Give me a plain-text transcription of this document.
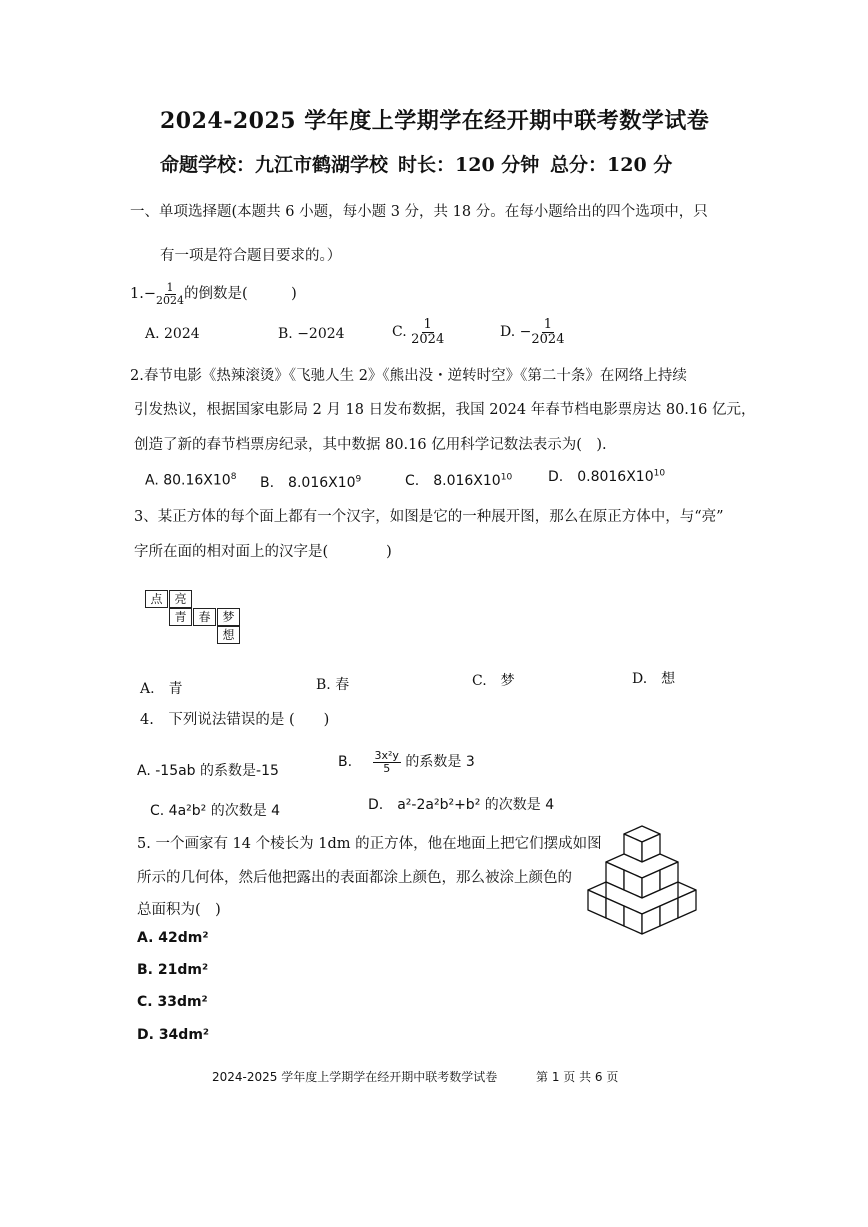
2024-2025 学年度上学期学在经开期中联考数学试卷
命题学校：九江市鹤湖学校 时长：120 分钟 总分：120 分
一、单项选择题(本题共 6 小题，每小题 3 分，共 18 分。在每小题给出的四个选项中，只
有一项是符合题目要求的。）
$1.- \frac{1}{2024}$ 的倒数是(　　　)
A. 2024	B. −2024	C. $\frac{1}{2024}$	D. − $\frac{1}{2024}$
2.春节电影《热辣滚烫》《飞驰人生 2》《熊出没・逆转时空》《第二十条》在网络上持续
引发热议，根据国家电影局 2 月 18 日发布数据，我国 2024 年春节档电影票房达 80.16 亿元，
创造了新的春节档票房纪录，其中数据 80.16 亿用科学记数法表示为(　).
A. $80.16X10^8$ B.　$8.016X10^9$	C.　$8.016X10^{10}$	D.　$0.8016X10^{10}$
3、某正方体的每个面上都有一个汉字，如图是它的一种展开图，那么在原正方体中，与“亮”
字所在面的相对面上的汉字是(　　　　)
点 亮
青 春 梦
想
A.　青	B. 春	C.　梦	D.　想
4.　下列说法错误的是 (　　)
A. -15ab 的系数是-15
B. $\frac{\text{3x²y}}{5}$ 的系数是 3
C. 4a²b² 的次数是 4	D.　a²-2a²b²+b² 的次数是 4
5. 一个画家有 14 个棱长为 1dm 的正方体，他在地面上把它们摆成如图
所示的几何体，然后他把露出的表面都涂上颜色，那么被涂上颜色的
总面积为(　)
A. 42dm²
B. 21dm²
C. 33dm²
D. 34dm²
2024-2025 学年度上学期学在经开期中联考数学试卷	第 1 页 共 6 页
